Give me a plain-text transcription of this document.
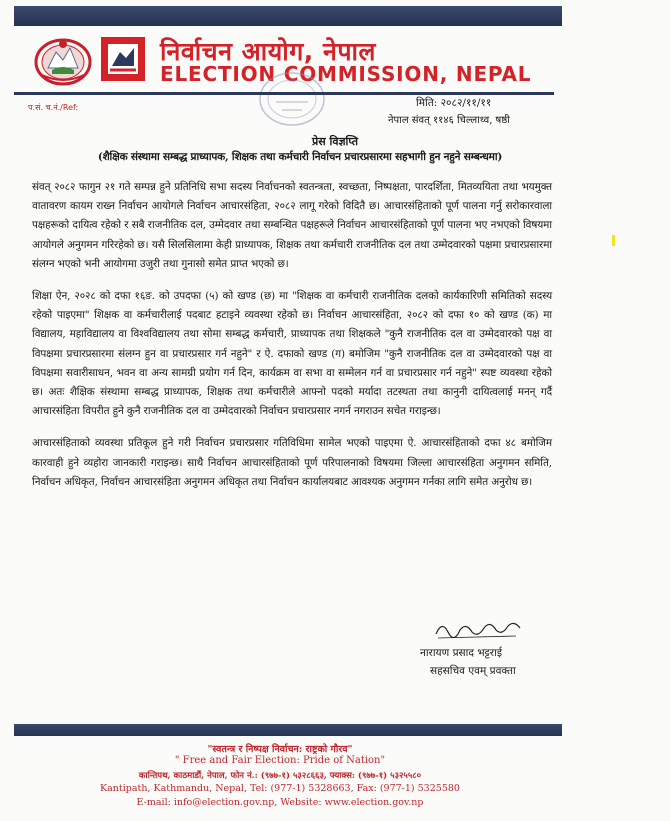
निर्वाचन आयोग, नेपाल
ELECTION COMMISSION, NEPAL
प.सं. च.नं./Ref:	मिति: २०८२/११/११
नेपाल संवत् ११४६ चिल्लाथ्व, षष्ठी
प्रेस विज्ञप्ति
(शैक्षिक संस्थामा सम्बद्ध प्राध्यापक, शिक्षक तथा कर्मचारी निर्वाचन प्रचारप्रसारमा सहभागी हुन नहुने सम्बन्धमा)

संवत् २०८२ फागुन २१ गते सम्पन्न हुने प्रतिनिधि सभा सदस्य निर्वाचनको स्वतन्त्रता, स्वच्छता, निष्पक्षता, पारदर्शिता, मितव्ययिता तथा भयमुक्त वातावरण कायम राख्न निर्वाचन आयोगले निर्वाचन आचारसंहिता, २०८२ लागू गरेको विदितै छ। आचारसंहिताको पूर्ण पालना गर्नु सरोकारवाला पक्षहरूको दायित्व रहेको र सबै राजनीतिक दल, उम्मेदवार तथा सम्बन्धित पक्षहरूले निर्वाचन आचारसंहिताको पूर्ण पालना भए नभएको विषयमा आयोगले अनुगमन गरिरहेको छ। यसै सिलसिलामा केही प्राध्यापक, शिक्षक तथा कर्मचारी राजनीतिक दल तथा उम्मेदवारको पक्षमा प्रचारप्रसारमा संलग्न भएको भनी आयोगमा उजुरी तथा गुनासो समेत प्राप्त भएको छ।

शिक्षा ऐन, २०२८ को दफा १६ङ. को उपदफा (५) को खण्ड (छ) मा "शिक्षक वा कर्मचारी राजनीतिक दलको कार्यकारिणी समितिको सदस्य रहेको पाइएमा" शिक्षक वा कर्मचारीलाई पदबाट हटाइने व्यवस्था रहेको छ। निर्वाचन आचारसंहिता, २०८२ को दफा १० को खण्ड (क) मा विद्यालय, महाविद्यालय वा विश्वविद्यालय तथा सोमा सम्बद्ध कर्मचारी, प्राध्यापक तथा शिक्षकले "कुनै राजनीतिक दल वा उम्मेदवारको पक्ष वा विपक्षमा प्रचारप्रसारमा संलग्न हुन वा प्रचारप्रसार गर्न नहुने" र ऐ. दफाको खण्ड (ग) बमोजिम "कुनै राजनीतिक दल वा उम्मेदवारको पक्ष वा विपक्षमा सवारीसाधन, भवन वा अन्य सामग्री प्रयोग गर्न दिन, कार्यक्रम वा सभा वा सम्मेलन गर्न वा प्रचारप्रसार गर्न नहुने" स्पष्ट व्यवस्था रहेको छ। अतः शैक्षिक संस्थामा सम्बद्ध प्राध्यापक, शिक्षक तथा कर्मचारीले आफ्नो पदको मर्यादा तटस्थता तथा कानुनी दायित्वलाई मनन् गर्दै आचारसंहिता विपरीत हुने कुनै राजनीतिक दल वा उम्मेदवारको निर्वाचन प्रचारप्रसार नगर्न नगराउन सचेत गराइन्छ।

आचारसंहिताको व्यवस्था प्रतिकूल हुने गरी निर्वाचन प्रचारप्रसार गतिविधिमा सामेल भएको पाइएमा ऐ. आचारसंहिताको दफा ४८ बमोजिम कारवाही हुने व्यहोरा जानकारी गराइन्छ। साथै निर्वाचन आचारसंहिताको पूर्ण परिपालनाको विषयमा जिल्ला आचारसंहिता अनुगमन समिति, निर्वाचन अधिकृत, निर्वाचन आचारसंहिता अनुगमन अधिकृत तथा निर्वाचन कार्यालयबाट आवश्यक अनुगमन गर्नका लागि समेत अनुरोध छ।

नारायण प्रसाद भट्टराई
सहसचिव एवम् प्रवक्ता
"स्वतन्त्र र निष्पक्ष निर्वाचन: राष्ट्रको गौरव"
" Free and Fair Election: Pride of Nation"
कान्तिपथ, काठमाडौं, नेपाल, फोन नं.: (९७७-१) ५३२८६६३, फ्याक्स: (९७७-१) ५३२५५८०
Kantipath, Kathmandu, Nepal, Tel: (977-1) 5328663, Fax: (977-1) 5325580
E-mail: info@election.gov.np, Website: www.election.gov.np
